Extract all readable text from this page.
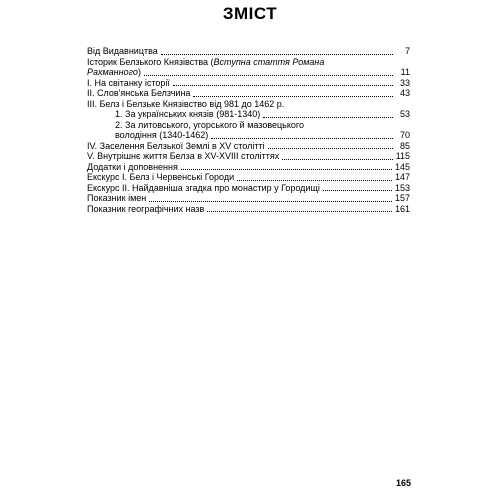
ЗМІСТ
Від Видавництва	7
Історик Белзького Князівства (Вступна стаття Романа
Рахманного)	11
І. На світанку історії	33
ІІ. Слов'янська Белзчина	43
ІІІ. Белз і Белзьке Князівство від 981 до 1462 р.
1. За українських князів (981-1340)	53
2. За литовського, угорського й мазовецького
володіння (1340-1462)	70
IV. Заселення Белзької Землі в XV столітті	85
V. Внутрішнє життя Белза в XV-XVIII століттях	115
Додатки і доповнення	145
Екскурс І. Белз і Червенські Городи	147
Екскурс ІІ. Найдавніша згадка про монастир у Городищі	153
Показник імен	157
Показник географічних назв	161
165
